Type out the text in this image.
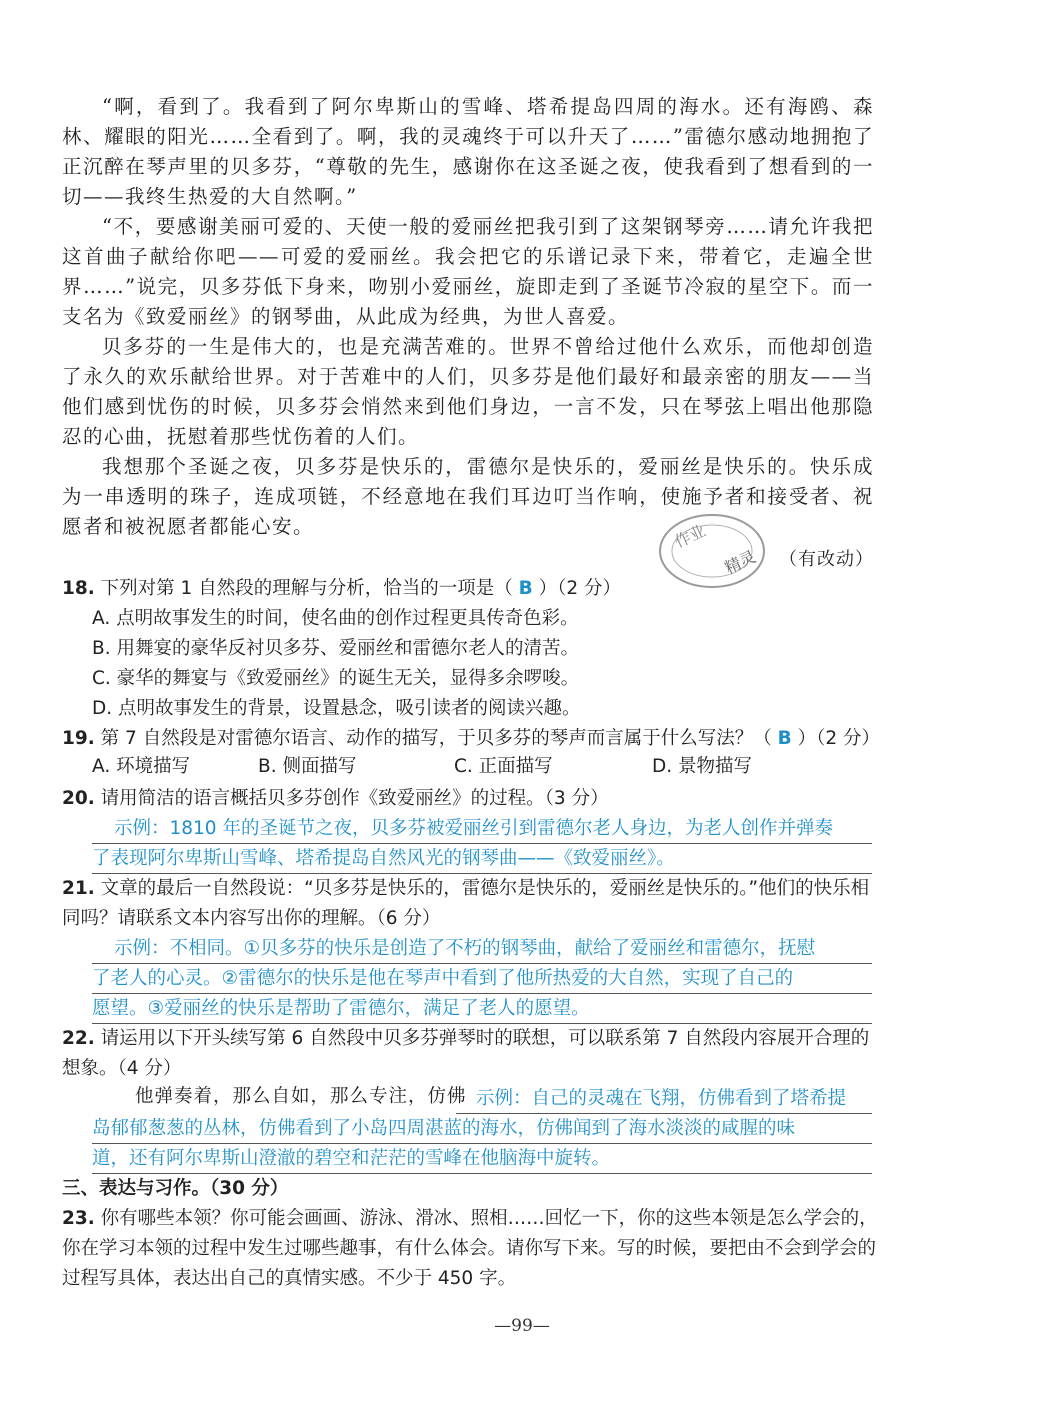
“啊，看到了。我看到了阿尔卑斯山的雪峰、塔希提岛四周的海水。还有海鸥、森林、耀眼的阳光……全看到了。啊，我的灵魂终于可以升天了……”雷德尔感动地拥抱了正沉醉在琴声里的贝多芬，“尊敬的先生，感谢你在这圣诞之夜，使我看到了想看到的一切——我终生热爱的大自然啊。”

“不，要感谢美丽可爱的、天使一般的爱丽丝把我引到了这架钢琴旁……请允许我把这首曲子献给你吧——可爱的爱丽丝。我会把它的乐谱记录下来，带着它，走遍全世界……”说完，贝多芬低下身来，吻别小爱丽丝，旋即走到了圣诞节冷寂的星空下。而一支名为《致爱丽丝》的钢琴曲，从此成为经典，为世人喜爱。

贝多芬的一生是伟大的，也是充满苦难的。世界不曾给过他什么欢乐，而他却创造了永久的欢乐献给世界。对于苦难中的人们，贝多芬是他们最好和最亲密的朋友——当他们感到忧伤的时候，贝多芬会悄然来到他们身边，一言不发，只在琴弦上唱出他那隐忍的心曲，抚慰着那些忧伤着的人们。

我想那个圣诞之夜，贝多芬是快乐的，雷德尔是快乐的，爱丽丝是快乐的。快乐成为一串透明的珠子，连成项链，不经意地在我们耳边叮当作响，使施予者和接受者、祝愿者和被祝愿者都能心安。	作业
精灵 （有改动）

18. 下列对第 1 自然段的理解与分析，恰当的一项是（ B ）（2 分）

A. 点明故事发生的时间，使名曲的创作过程更具传奇色彩。

B. 用舞宴的豪华反衬贝多芬、爱丽丝和雷德尔老人的清苦。

C. 豪华的舞宴与《致爱丽丝》的诞生无关，显得多余啰唆。

D. 点明故事发生的背景，设置悬念，吸引读者的阅读兴趣。

19. 第 7 自然段是对雷德尔语言、动作的描写，于贝多芬的琴声而言属于什么写法？（ B ）（2 分）

A. 环境描写	B. 侧面描写	C. 正面描写	D. 景物描写

20. 请用简洁的语言概括贝多芬创作《致爱丽丝》的过程。（3 分）

示例：1810 年的圣诞节之夜，贝多芬被爱丽丝引到雷德尔老人身边，为老人创作并弹奏
了表现阿尔卑斯山雪峰、塔希提岛自然风光的钢琴曲——《致爱丽丝》。

21. 文章的最后一自然段说：“贝多芬是快乐的，雷德尔是快乐的，爱丽丝是快乐的。”他们的快乐相同吗？请联系文本内容写出你的理解。（6 分）

示例：不相同。①贝多芬的快乐是创造了不朽的钢琴曲，献给了爱丽丝和雷德尔，抚慰
了老人的心灵。②雷德尔的快乐是他在琴声中看到了他所热爱的大自然，实现了自己的
愿望。③爱丽丝的快乐是帮助了雷德尔，满足了老人的愿望。

22. 请运用以下开头续写第 6 自然段中贝多芬弹琴时的联想，可以联系第 7 自然段内容展开合理的想象。（4 分）

他弹奏着，那么自如，那么专注，仿佛 示例：自己的灵魂在飞翔，仿佛看到了塔希提
岛郁郁葱葱的丛林，仿佛看到了小岛四周湛蓝的海水，仿佛闻到了海水淡淡的咸腥的味
道，还有阿尔卑斯山澄澈的碧空和茫茫的雪峰在他脑海中旋转。
三、表达与习作。（30 分）

23. 你有哪些本领？你可能会画画、游泳、滑冰、照相……回忆一下，你的这些本领是怎么学会的，你在学习本领的过程中发生过哪些趣事，有什么体会。请你写下来。写的时候，要把由不会到学会的过程写具体，表达出自己的真情实感。不少于 450 字。

—99—
